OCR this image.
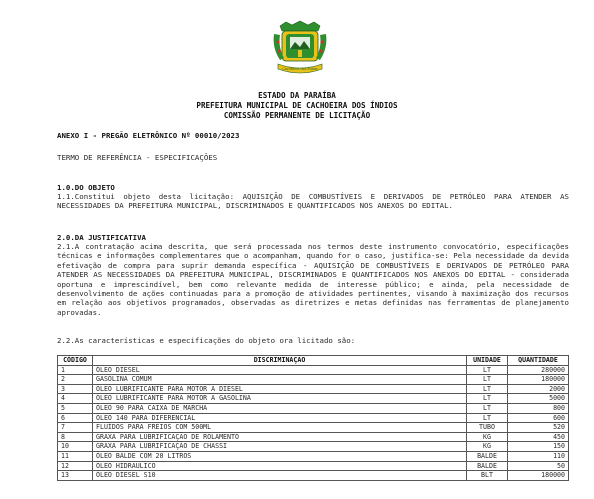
Cachoeira dos Índios
ESTADO DA PARAÍBA
PREFEITURA MUNICIPAL DE CACHOEIRA DOS ÍNDIOS
COMISSÃO PERMANENTE DE LICITAÇÃO
ANEXO I - PREGÃO ELETRÔNICO Nº 00010/2023
TERMO DE REFERÊNCIA - ESPECIFICAÇÕES
1.0.DO OBJETO
1.1.Constitui objeto desta licitação: AQUISIÇÃO DE COMBUSTÍVEIS E DERIVADOS DE PETRÓLEO PARA ATENDER AS NECESSIDADES DA PREFEITURA MUNICIPAL, DISCRIMINADOS E QUANTIFICADOS NOS ANEXOS DO EDITAL.
2.0.DA JUSTIFICATIVA
2.1.A contratação acima descrita, que será processada nos termos deste instrumento convocatório, especificações técnicas e informações complementares que o acompanham, quando for o caso, justifica-se: Pela necessidade da devida efetivação de compra para suprir demanda específica - AQUISIÇÃO DE COMBUSTÍVEIS E DERIVADOS DE PETRÓLEO PARA ATENDER AS NECESSIDADES DA PREFEITURA MUNICIPAL, DISCRIMINADOS E QUANTIFICADOS NOS ANEXOS DO EDITAL - considerada oportuna e imprescindível, bem como relevante medida de interesse público; e ainda, pela necessidade de desenvolvimento de ações continuadas para a promoção de atividades pertinentes, visando à maximização dos recursos em relação aos objetivos programados, observadas as diretrizes e metas definidas nas ferramentas de planejamento aprovadas.
2.2.As características e especificações do objeto ora licitado são:
CÓDIGO	DISCRIMINAÇÃO	UNIDADE	QUANTIDADE
1	ÓLEO DIESEL	LT	280000
2	GASOLINA COMUM	LT	180000
3	ÓLEO LUBRIFICANTE PARA MOTOR A DIESEL	LT	2000
4	ÓLEO LUBRIFICANTE PARA MOTOR A GASOLINA	LT	5000
5	ÓLEO 90 PARA CAIXA DE MARCHA	LT	800
6	ÓLEO 140 PARA DIFERENCIAL	LT	600
7	FLUÍDOS PARA FREIOS COM 500ML	TUBO	520
8	GRAXA PARA LUBRIFICAÇÃO DE ROLAMENTO	KG	450
10	GRAXA PARA LUBRIFICAÇÃO DE CHASSI	KG	150
11	ÓLEO BALDE COM 20 LITROS	BALDE	110
12	ÓLEO HIDRAULICO	BALDE	50
13	ÓLEO DIESEL S10	BLT	180000
